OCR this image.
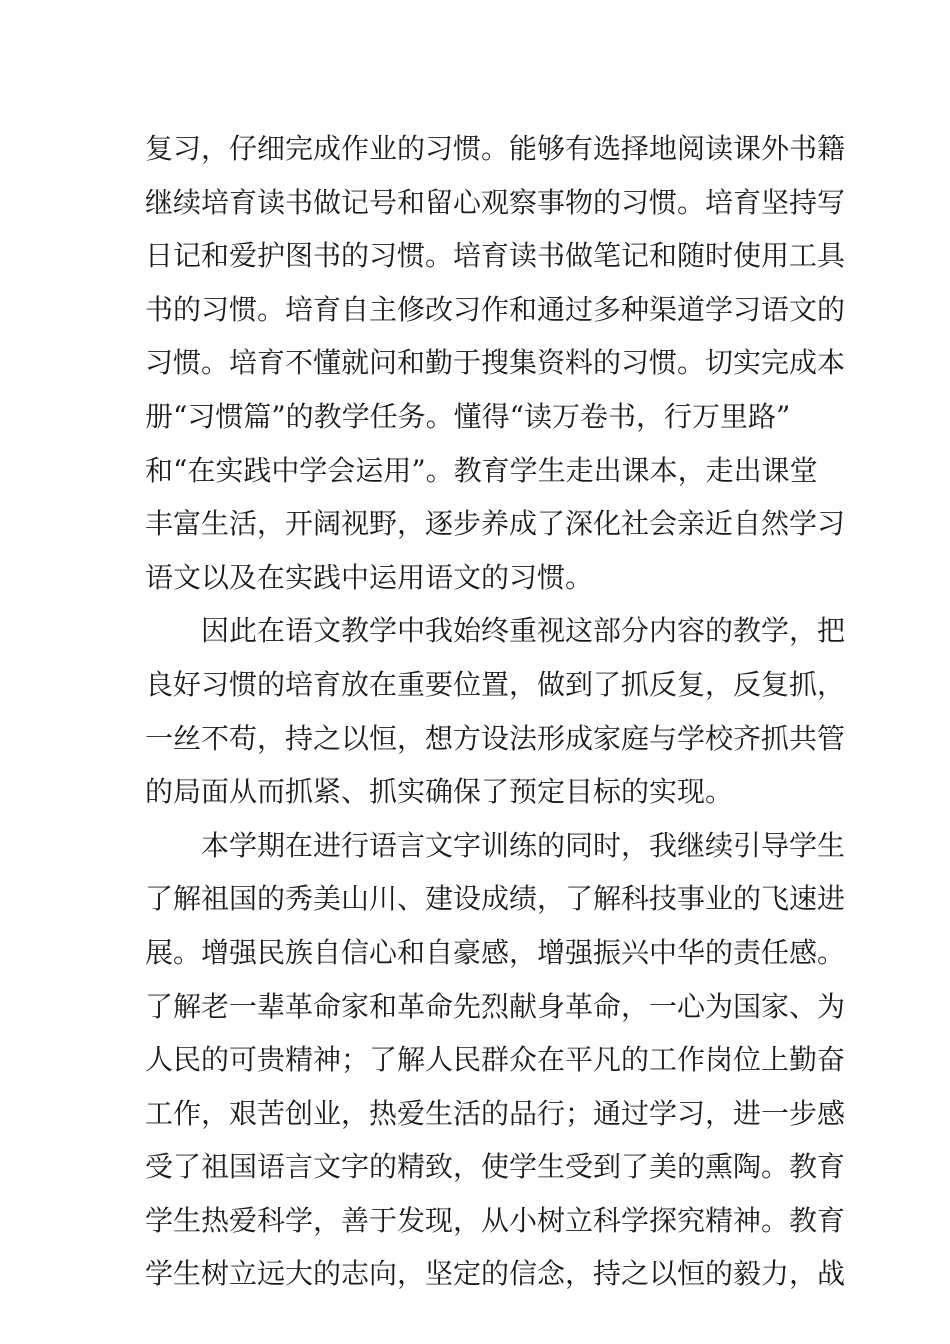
复习，仔细完成作业的习惯。能够有选择地阅读课外书籍
继续培育读书做记号和留心观察事物的习惯。培育坚持写
日记和爱护图书的习惯。培育读书做笔记和随时使用工具
书的习惯。培育自主修改习作和通过多种渠道学习语文的
习惯。培育不懂就问和勤于搜集资料的习惯。切实完成本
册“习惯篇”的教学任务。懂得“读万卷书，行万里路”
和“在实践中学会运用”。教育学生走出课本，走出课堂
丰富生活，开阔视野，逐步养成了深化社会亲近自然学习
语文以及在实践中运用语文的习惯。
因此在语文教学中我始终重视这部分内容的教学，把
良好习惯的培育放在重要位置，做到了抓反复，反复抓，
一丝不苟，持之以恒，想方设法形成家庭与学校齐抓共管
的局面从而抓紧、抓实确保了预定目标的实现。
本学期在进行语言文字训练的同时，我继续引导学生
了解祖国的秀美山川、建设成绩，了解科技事业的飞速进
展。增强民族自信心和自豪感，增强振兴中华的责任感。
了解老一辈革命家和革命先烈献身革命，一心为国家、为
人民的可贵精神；了解人民群众在平凡的工作岗位上勤奋
工作，艰苦创业，热爱生活的品行；通过学习，进一步感
受了祖国语言文字的精致，使学生受到了美的熏陶。教育
学生热爱科学，善于发现，从小树立科学探究精神。教育
学生树立远大的志向，坚定的信念，持之以恒的毅力，战
